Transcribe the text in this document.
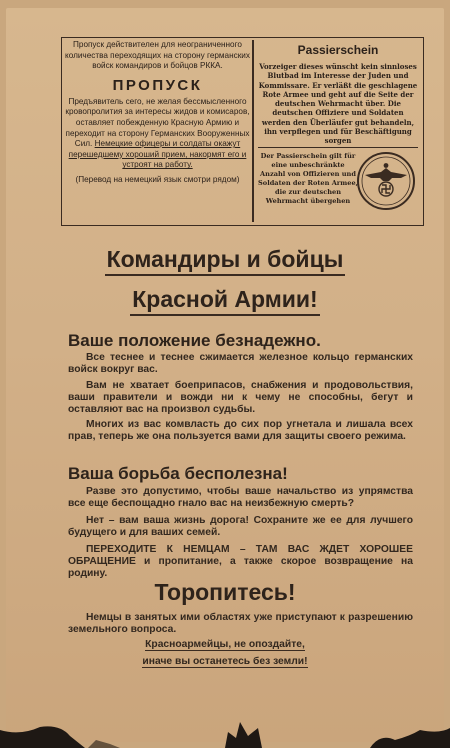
Пропуск действителен для неограниченного количества переходящих на сторону германских войск командиров и бойцов РККА.
ПРОПУСК
Предъявитель сего, не желая бессмысленного кровопролития за интересы жидов и комисаров, оставляет побежденную Красную Армию и переходит на сторону Германских Вооруженных Сил. Немецкие офицеры и солдаты окажут перешедшему хороший прием, накормят его и устроят на работу.
(Перевод на немецкий язык смотри рядом)
Passierschein
Vorzeiger dieses wünscht kein sinnloses Blutbad im Interesse der Juden und Kommissare. Er verläßt die geschlagene Rote Armee und geht auf die Seite der deutschen Wehrmacht über. Die deutschen Offiziere und Soldaten werden den Überläufer gut behandeln, ihn verpflegen und für Beschäftigung sorgen
Der Passierschein gilt für eine unbeschränkte Anzahl von Offizieren und Soldaten der Roten Armee, die zur deutschen Wehrmacht übergehen
Командиры и бойцы
Красной Армии!
Ваше положение безнадежно.
Все теснее и теснее сжимается железное кольцо германских войск вокруг вас.
Вам не хватает боеприпасов, снабжения и продовольствия, ваши правители и вожди ни к чему не способны, бегут и оставляют вас на произвол судьбы.
Многих из вас комвласть до сих пор угнетала и лишала всех прав, теперь же она пользуется вами для защиты своего режима.
Ваша борьба бесполезна!
Разве это допустимо, чтобы ваше начальство из упрямства все еще беспощадно гнало вас на неизбежную смерть?
Нет – вам ваша жизнь дорога! Сохраните же ее для лучшего будущего и для ваших семей.
ПЕРЕХОДИТЕ К НЕМЦАМ – ТАМ ВАС ЖДЕТ ХОРОШЕЕ ОБРАЩЕНИЕ и пропитание, а также скорое возвращение на родину.
Торопитесь!
Немцы в занятых ими областях уже приступают к разрешению земельного вопроса.
Красноармейцы, не опоздайте,
иначе вы останетесь без земли!
